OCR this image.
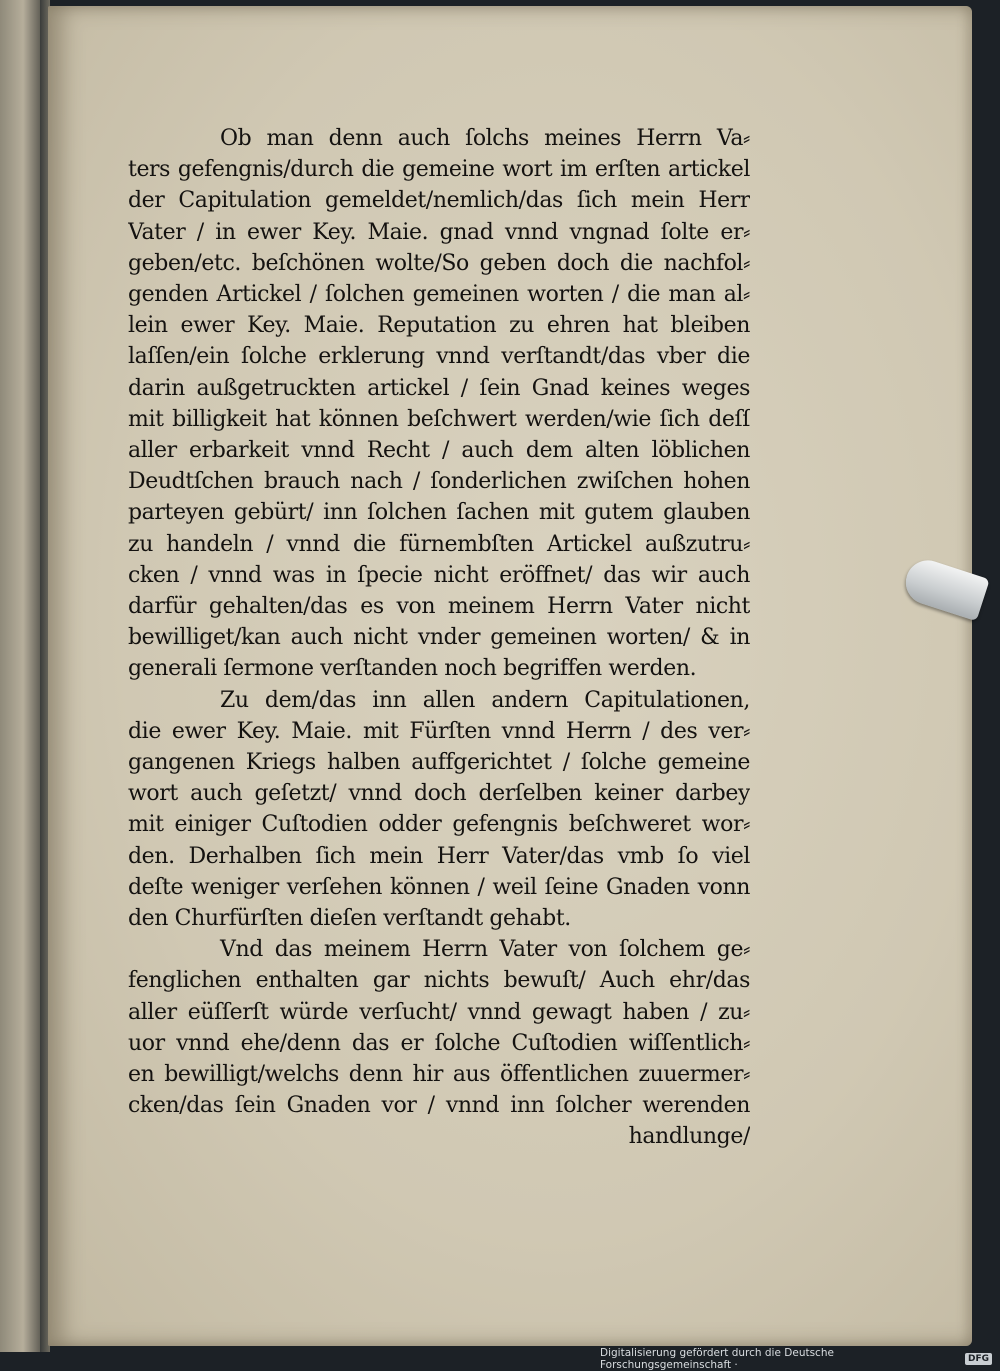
Ob man denn auch ſolchs meines Herrn Va⸗
ters gefengnis/durch die gemeine wort im erſten artickel
der Capitulation gemeldet/nemlich/das ſich mein Herr
Vater / in ewer Key. Maie. gnad vnnd vngnad ſolte er⸗
geben/etc. beſchönen wolte/So geben doch die nachfol⸗
genden Artickel / ſolchen gemeinen worten / die man al⸗
lein ewer Key. Maie. Reputation zu ehren hat bleiben
laſſen/ein ſolche erklerung vnnd verſtandt/das vber die
darin außgetruckten artickel / ſein Gnad keines weges
mit billigkeit hat können beſchwert werden/wie ſich deſſ
aller erbarkeit vnnd Recht / auch dem alten löblichen
Deudtſchen brauch nach / ſonderlichen zwiſchen hohen
parteyen gebürt/ inn ſolchen ſachen mit gutem glauben
zu handeln / vnnd die fürnembſten Artickel außzutru⸗
cken / vnnd was in ſpecie nicht eröffnet/ das wir auch
darfür gehalten/das es von meinem Herrn Vater nicht
bewilliget/kan auch nicht vnder gemeinen worten/ & in
generali ſermone verſtanden noch begriffen werden.
Zu dem/das inn allen andern Capitulationen,
die ewer Key. Maie. mit Fürſten vnnd Herrn / des ver⸗
gangenen Kriegs halben auffgerichtet / ſolche gemeine
wort auch geſetzt/ vnnd doch derſelben keiner darbey
mit einiger Cuſtodien odder gefengnis beſchweret wor⸗
den. Derhalben ſich mein Herr Vater/das vmb ſo viel
deſte weniger verſehen können / weil ſeine Gnaden vonn
den Churfürſten dieſen verſtandt gehabt.
Vnd das meinem Herrn Vater von ſolchem ge⸗
fenglichen enthalten gar nichts bewuſt/ Auch ehr/das
aller eüſſerſt würde verſucht/ vnnd gewagt haben / zu⸗
uor vnnd ehe/denn das er ſolche Cuſtodien wiſſentlich⸗
en bewilligt/welchs denn hir aus öffentlichen zuuermer⸗
cken/das ſein Gnaden vor / vnnd inn ſolcher werenden
handlunge/
Digitalisierung gefördert durch die Deutsche Forschungsgemeinschaft ·	DFG
